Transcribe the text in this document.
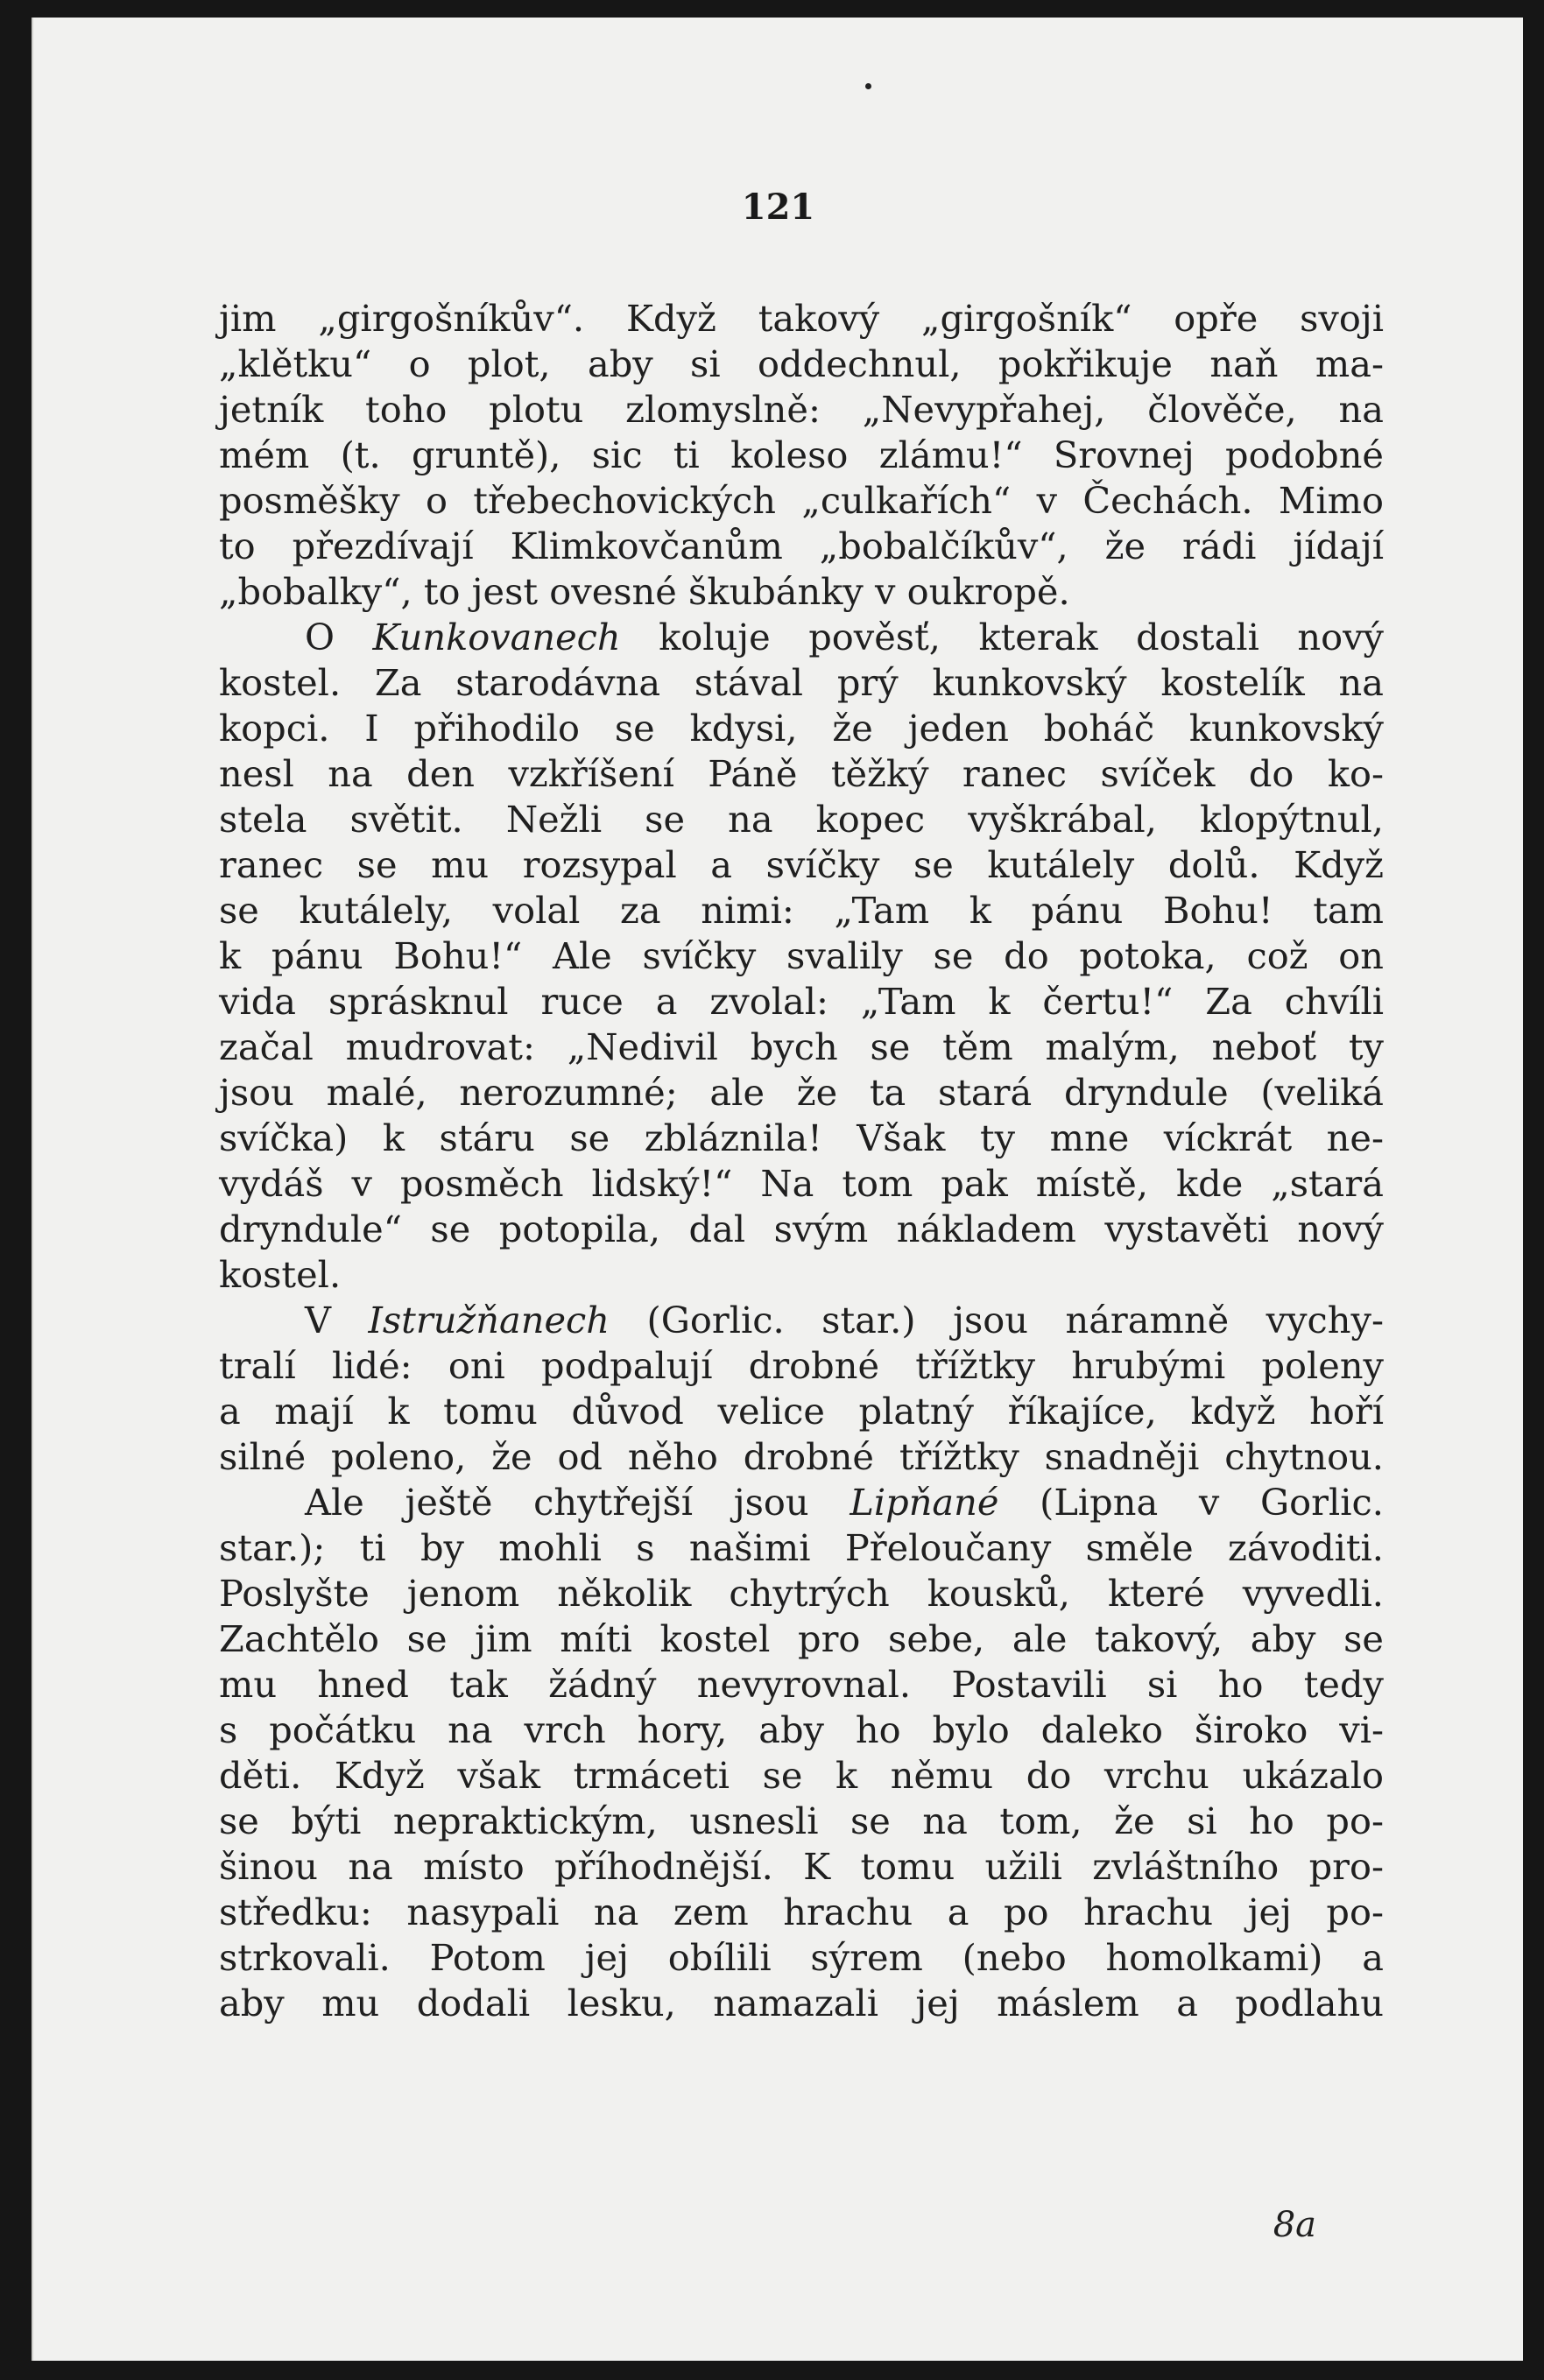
121
jim „girgošníkův“. Když takový „girgošník“ opře svoji
„klětku“ o plot, aby si oddechnul, pokřikuje naň ma-
jetník toho plotu zlomyslně: „Nevypřahej, člověče, na
mém (t. gruntě), sic ti koleso zlámu!“ Srovnej podobné
posměšky o třebechovických „culkařích“ v Čechách. Mimo
to přezdívají Klimkovčanům „bobalčíkův“, že rádi jídají
„bobalky“, to jest ovesné škubánky v oukropě.
O Kunkovanech koluje pověsť, kterak dostali nový
kostel. Za starodávna stával prý kunkovský kostelík na
kopci. I přihodilo se kdysi, že jeden boháč kunkovský
nesl na den vzkříšení Páně těžký ranec svíček do ko-
stela světit. Nežli se na kopec vyškrábal, klopýtnul,
ranec se mu rozsypal a svíčky se kutálely dolů. Když
se kutálely, volal za nimi: „Tam k pánu Bohu! tam
k pánu Bohu!“ Ale svíčky svalily se do potoka, což on
vida sprásknul ruce a zvolal: „Tam k čertu!“ Za chvíli
začal mudrovat: „Nedivil bych se těm malým, neboť ty
jsou malé, nerozumné; ale že ta stará dryndule (veliká
svíčka) k stáru se zbláznila! Však ty mne víckrát ne-
vydáš v posměch lidský!“ Na tom pak místě, kde „stará
dryndule“ se potopila, dal svým nákladem vystavěti nový
kostel.
V Istružňanech (Gorlic. star.) jsou náramně vychy-
tralí lidé: oni podpalují drobné třížtky hrubými poleny
a mají k tomu důvod velice platný říkajíce, když hoří
silné poleno, že od něho drobné třížtky snadněji chytnou.
Ale ještě chytřejší jsou Lipňané (Lipna v Gorlic.
star.); ti by mohli s našimi Přeloučany směle závoditi.
Poslyšte jenom několik chytrých kousků, které vyvedli.
Zachtělo se jim míti kostel pro sebe, ale takový, aby se
mu hned tak žádný nevyrovnal. Postavili si ho tedy
s počátku na vrch hory, aby ho bylo daleko široko vi-
děti. Když však trmáceti se k němu do vrchu ukázalo
se býti nepraktickým, usnesli se na tom, že si ho po-
šinou na místo příhodnější. K tomu užili zvláštního pro-
středku: nasypali na zem hrachu a po hrachu jej po-
strkovali. Potom jej obílili sýrem (nebo homolkami) a
aby mu dodali lesku, namazali jej máslem a podlahu
8a
